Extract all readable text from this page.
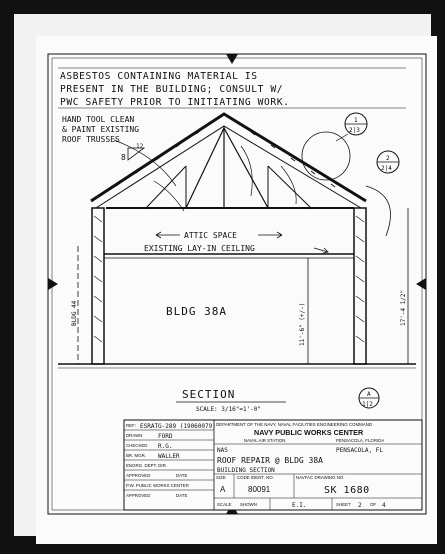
ASBESTOS CONTAINING MATERIAL IS
PRESENT IN THE BUILDING; CONSULT W/
PWC SAFETY PRIOR TO INITIATING WORK.
HAND TOOL CLEAN
& PAINT EXISTING
ROOF TRUSSES
8
12
1
2|3
2
2|4
ATTIC SPACE
EXISTING LAY-IN CEILING
BLDG 38A
BLDG 44	11'-6" (+/-)	17'-4 1/2"
SECTION
SCALE: 3/16"=1'-0"
A
1|2
REF: ESRATG-289 (19060079)
DRAWN	FORD
CHECKED R.G.
BR. MGR. WALLER
ENGRG. DEPT. DIR.
APPROVED	DATE
P.W. PUBLIC WORKS CENTER
APPROVED	DATE
DEPARTMENT OF THE NAVY, NAVAL FACILITIES ENGINEERING COMMAND
NAVY PUBLIC WORKS CENTER
NAVAL AIR STATION	PENSACOLA, FLORIDA
NAS	PENSACOLA, FL
ROOF REPAIR @ BLDG 38A
BUILDING SECTION
SIZE
A
CODE IDENT. NO.
80091
NAVFAC DRAWING NO.
SK 1680
SCALE SHOWN	E.I.	SHEET 2 OF 4
